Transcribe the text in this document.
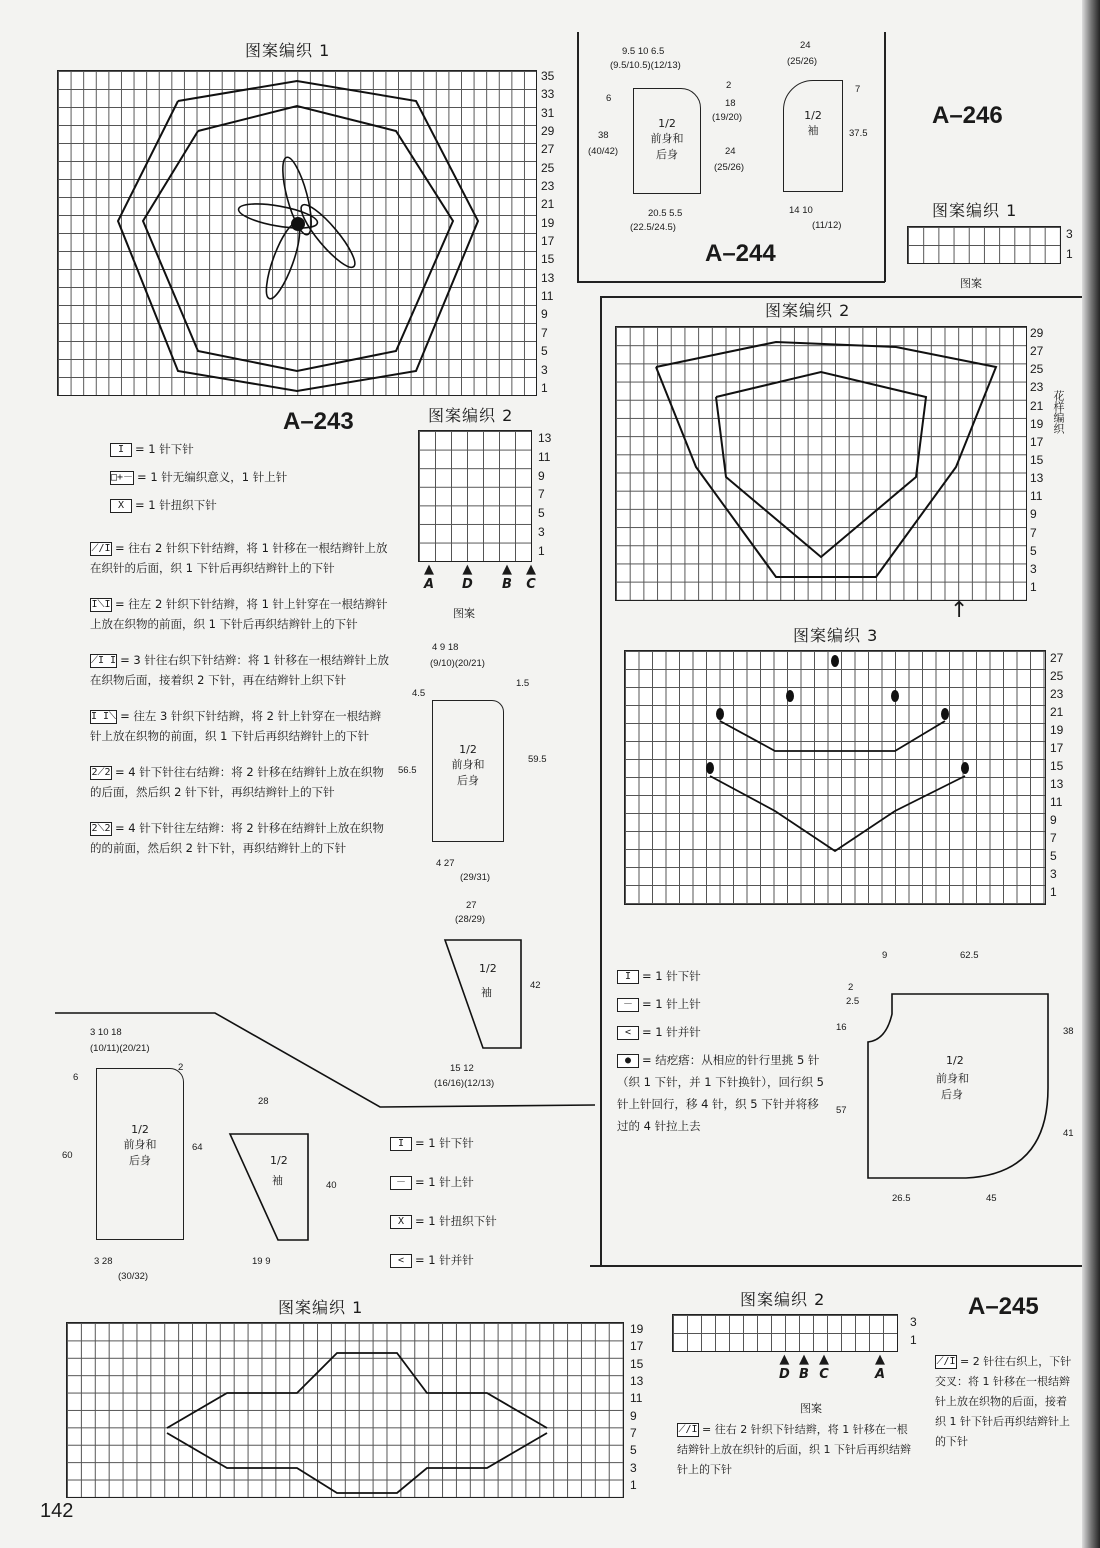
图案编织 1
35
33
31
29
27
25
23
21
19
17
15
13
11
9
7
5
3
1
A–243
I = 1 针下针
□+－ = 1 针无编织意义，1 针上针
X = 1 针扭织下针
⟋/I = 往右 2 针织下针结辫，将 1 针移在一根结辫针上放在织针的后面，织 1 下针后再织结辫针上的下针
I⟍I = 往左 2 针织下针结辫，将 1 针上针穿在一根结辫针上放在织物的前面，织 1 下针后再织结辫针上的下针
⟋I I = 3 针往右织下针结辫：将 1 针移在一根结辫针上放在织物后面，接着织 2 下针，再在结辫针上织下针
I I⟍ = 往左 3 针织下针结辫，将 2 针上针穿在一根结辫针上放在织物的前面，织 1 下针后再织结辫针上的下针
2⟋2 = 4 针下针往右结辫：将 2 针移在结辫针上放在织物的后面，然后织 2 针下针，再织结辫针上的下针
2⟍2 = 4 针下针往左结辫：将 2 针移在结辫针上放在织物的的前面，然后织 2 针下针，再织结辫针上的下针
图案编织 2
13
11
9
7
5
3
1
▲
A
▲
D
▲
B
▲
C
图案
1/2
前身和
后身
9.5 10 6.5
(9.5/10.5)(12/13)
6
38
(40/42)
2
18
(19/20)
24
(25/26)
20.5 5.5
(22.5/24.5)
1/2
袖
24
(25/26)
7
37.5
14 10
(11/12)
A–244
A–246
图案编织 1
3
1
图案
图案编织 2
29
27
25
23
21
19
17
15
13
11
9
7
5
3
1
花样编织
↑
图案编织 3
27
25
23
21
19
17
15
13
11
9
7
5
3
1
I = 1 针下针
－ = 1 针上针
< = 1 针并针
● = 结疙瘩：从相应的针行里挑 5 针（织 1 下针，并 1 下针换针），回行织 5 针上针回行，移 4 针，织 5 下针并将移过的 4 针拉上去
1/2
前身和
后身
9	62.5
2
2.5
16	38
57
41
26.5	45
1/2
前身和
后身
4 9 18
(9/10)(20/21)
4.5
1.5
56.5
59.5
4 27
(29/31)
1/2
袖
27
(28/29)
42
15 12
(16/16)(12/13)
1/2
前身和
后身
3 10 18
(10/11)(20/21)
6
2
60
64
3 28
(30/32)
1/2
袖
28
40
19 9
I = 1 针下针
－ = 1 针上针
X = 1 针扭织下针
< = 1 针并针
图案编织 1
19
17
15
13
11
9
7
5
3
1
图案编织 2
3
1
▲
D
▲
B
▲
C
▲
A
图案
⟋/I = 往右 2 针织下针结辫，将 1 针移在一根结辫针上放在织针的后面，织 1 下针后再织结辫针上的下针
A–245
⟋/I = 2 针往右织上，下针交叉：将 1 针移在一根结辫针上放在织物的后面，接着织 1 针下针后再织结辫针上的下针
142
